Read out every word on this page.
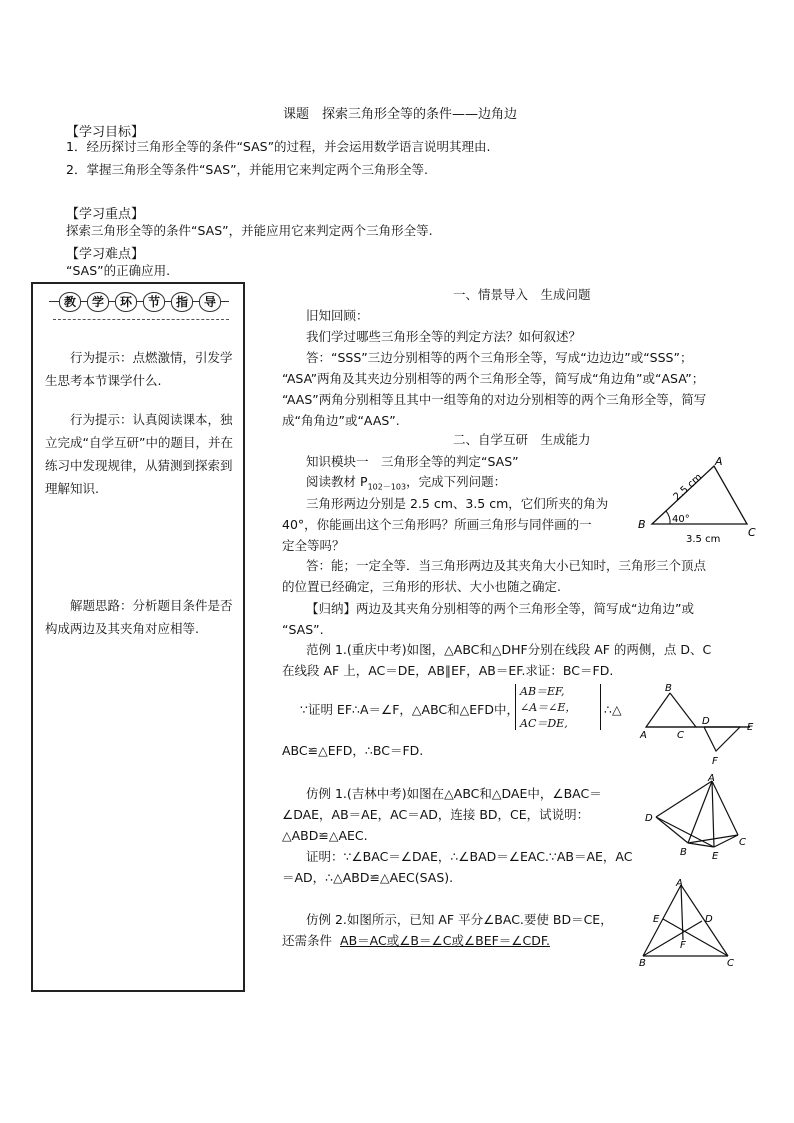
课题　探索三角形全等的条件——边角边
【学习目标】
1．经历探讨三角形全等的条件“SAS”的过程，并会运用数学语言说明其理由.
2．掌握三角形全等条件“SAS”，并能用它来判定两个三角形全等.
【学习重点】
探索三角形全等的条件“SAS”，并能应用它来判定两个三角形全等.
【学习难点】
“SAS”的正确应用.
教	学	环	节	指	导
行为提示：点燃激情，引发学生思考本节课学什么.
行为提示：认真阅读课本，独立完成“自学互研”中的题目，并在练习中发现规律，从猜测到探索到理解知识.
解题思路：分析题目条件是否构成两边及其夹角对应相等.
一、情景导入　生成问题
旧知回顾：
我们学过哪些三角形全等的判定方法？如何叙述？
答：“SSS”三边分别相等的两个三角形全等，写成“边边边”或“SSS”；
“ASA”两角及其夹边分别相等的两个三角形全等，简写成“角边角”或“ASA”；
“AAS”两角分别相等且其中一组等角的对边分别相等的两个三角形全等，简写
成“角角边”或“AAS”.
二、自学互研　生成能力
知识模块一　三角形全等的判定“SAS”
阅读教材 $P_{102-103}$，完成下列问题：
三角形两边分别是 2.5 cm、3.5 cm，它们所夹的角为
40°，你能画出这个三角形吗？所画三角形与同伴画的一
定全等吗？
答：能；一定全等．当三角形两边及其夹角大小已知时，三角形三个顶点
的位置已经确定，三角形的形状、大小也随之确定.
【归纳】两边及其夹角分别相等的两个三角形全等，简写成“边角边”或
“SAS”.
A
B
C
2.5 cm
3.5 cm
40°
范例 1.(重庆中考)如图，△ABC和△DHF分别在线段 AF 的两侧，点 D、C
在线段 AF 上，AC＝DE，AB∥EF，AB＝EF.求证：BC＝FD.
∵证明 EF∴A＝∠F，△ABC和△EFD中，
AB＝EF,
∠A＝∠E，
AC＝DE,
∴△
ABC≌△EFD，∴BC＝FD.
B
A	C
D
E
F
仿例 1.(吉林中考)如图在△ABC和△DAE中，∠BAC＝
∠DAE，AB＝AE，AC＝AD，连接 BD，CE，试说明：
△ABD≌△AEC.
证明：∵∠BAC＝∠DAE，∴∠BAD＝∠EAC.∵AB＝AE，AC
＝AD，∴△ABD≌△AEC(SAS).
A
D
B	E
C
仿例 2.如图所示，已知 AF 平分∠BAC.要使 BD＝CE，
还需条件 AB＝AC或∠B＝∠C或∠BEF＝∠CDF.
A
E	D
F
B	C
